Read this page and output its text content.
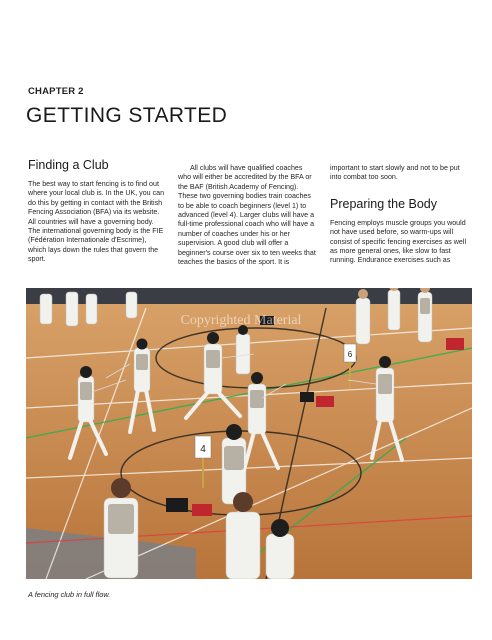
CHAPTER 2
GETTING STARTED
Finding a Club

The best way to start fencing is to find out where your local club is. In the UK, you can do this by getting in contact with the British Fencing Association (BFA) via its website. All countries will have a governing body. The international governing body is the FIE (Fédération Internationale d'Escrime), which lays down the rules that govern the sport.

All clubs will have qualified coaches who will either be accredited by the BFA or the BAF (British Academy of Fencing). These two governing bodies train coaches to be able to coach beginners (level 1) to advanced (level 4). Larger clubs will have a full-time professional coach who will have a number of coaches under his or her supervision. A good club will offer a beginner's course over six to ten weeks that teaches the basics of the sport. It is

important to start slowly and not to be put into combat too soon.

Preparing the Body

Fencing employs muscle groups you would not have used before, so warm-ups will consist of specific fencing exercises as well as more general ones, like slow to fast running. Endurance exercises such as

6
4
Copyrighted Material
A fencing club in full flow.
